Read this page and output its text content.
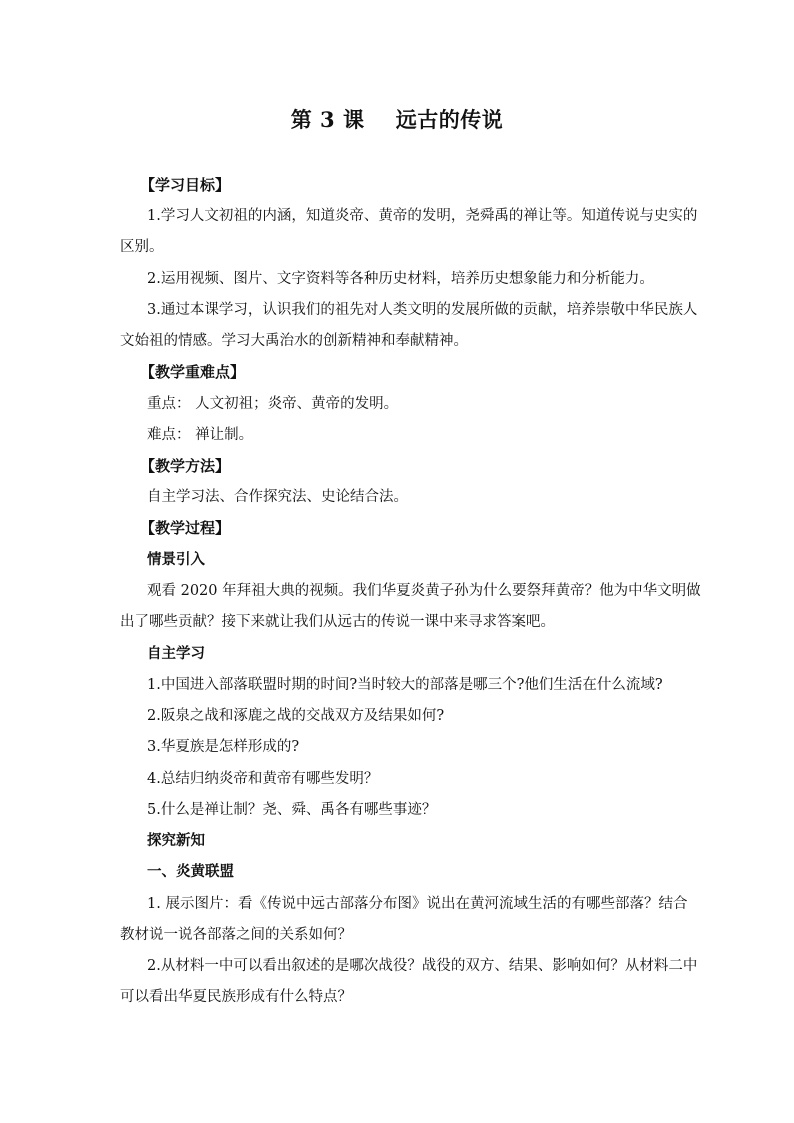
第 3 课    远古的传说
【学习目标】
1.学习人文初祖的内涵，知道炎帝、黄帝的发明，尧舜禹的禅让等。知道传说与史实的
区别。
2.运用视频、图片、文字资料等各种历史材料，培养历史想象能力和分析能力。
3.通过本课学习，认识我们的祖先对人类文明的发展所做的贡献，培养崇敬中华民族人
文始祖的情感。学习大禹治水的创新精神和奉献精神。
【教学重难点】
重点： 人文初祖；炎帝、黄帝的发明。
难点： 禅让制。
【教学方法】
自主学习法、合作探究法、史论结合法。
【教学过程】
情景引入
观看 2020 年拜祖大典的视频。我们华夏炎黄子孙为什么要祭拜黄帝？他为中华文明做
出了哪些贡献？接下来就让我们从远古的传说一课中来寻求答案吧。
自主学习
1.中国进入部落联盟时期的时间?当时较大的部落是哪三个?他们生活在什么流域?
2.阪泉之战和涿鹿之战的交战双方及结果如何?
3.华夏族是怎样形成的?
4.总结归纳炎帝和黄帝有哪些发明？
5.什么是禅让制？尧、舜、禹各有哪些事迹？
探究新知
一、炎黄联盟
1. 展示图片：看《传说中远古部落分布图》说出在黄河流域生活的有哪些部落？结合
教材说一说各部落之间的关系如何？
2.从材料一中可以看出叙述的是哪次战役？战役的双方、结果、影响如何？从材料二中
可以看出华夏民族形成有什么特点？
